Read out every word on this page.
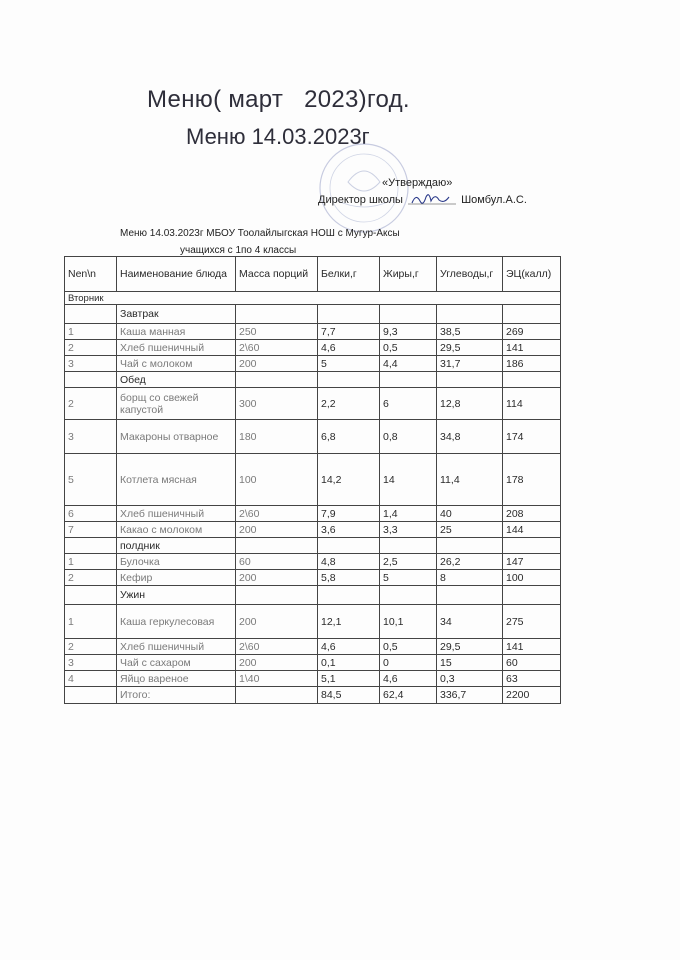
Меню( март   2023)год.
Меню 14.03.2023г
«Утверждаю»
Директор школы	Шомбул.А.С.
Меню 14.03.2023г МБОУ Тоолайлыгская НОШ с Мугур-Аксы
учащихся с 1по 4 классы
Nen\n	Наименование блюда	Масса порций	Белки,г	Жиры,г	Углеводы,г	ЭЦ(калл)
Вторник						
	Завтрак					
1	Каша манная	250	7,7	9,3	38,5	269
2	Хлеб пшеничный	2\60	4,6	0,5	29,5	141
3	Чай с молоком	200	5	4,4	31,7	186
	Обед					
2	борщ со свежей капустой	300	2,2	6	12,8	114
3	Макароны отварное	180	6,8	0,8	34,8	174
5	Котлета мясная	100	14,2	14	11,4	178
6	Хлеб пшеничный	2\60	7,9	1,4	40	208
7	Какао с молоком	200	3,6	3,3	25	144
	полдник					
1	Булочка	60	4,8	2,5	26,2	147
2	Кефир	200	5,8	5	8	100
	Ужин					
1	Каша геркулесовая	200	12,1	10,1	34	275
2	Хлеб пшеничный	2\60	4,6	0,5	29,5	141
3	Чай с сахаром	200	0,1	0	15	60
4	Яйцо вареное	1\40	5,1	4,6	0,3	63
	Итого:		84,5	62,4	336,7	2200
